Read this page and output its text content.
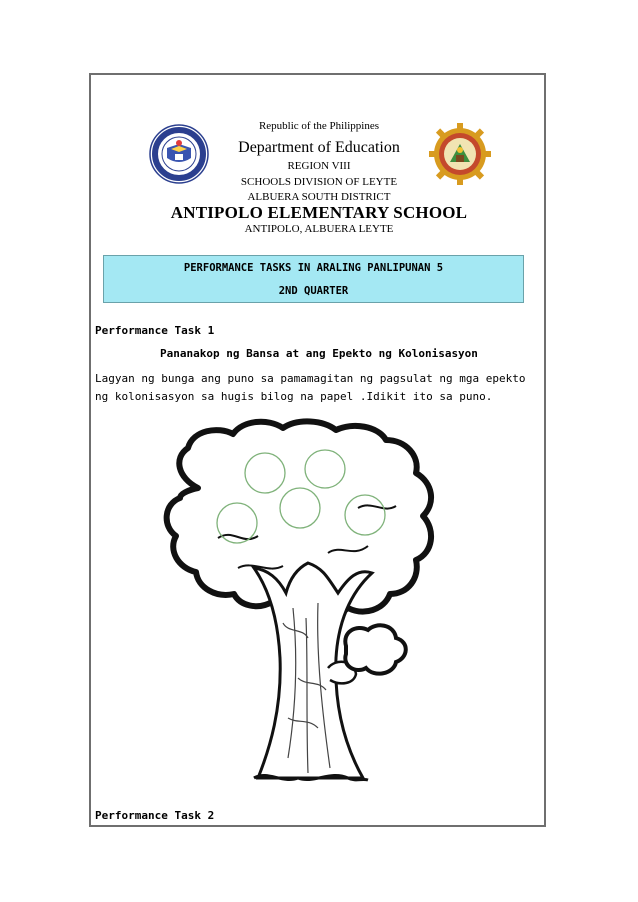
Republic of the Philippines
Department of Education
REGION VIII
SCHOOLS DIVISION OF LEYTE
ALBUERA SOUTH DISTRICT
ANTIPOLO ELEMENTARY SCHOOL
ANTIPOLO, ALBUERA LEYTE
PERFORMANCE TASKS IN ARALING PANLIPUNAN 5
2ND QUARTER
Performance Task 1
Pananakop ng Bansa at ang Epekto ng Kolonisasyon
Lagyan ng bunga ang puno sa pamamagitan ng pagsulat ng mga epekto ng kolonisasyon sa hugis bilog na papel .Idikit ito sa puno.
Performance Task 2
